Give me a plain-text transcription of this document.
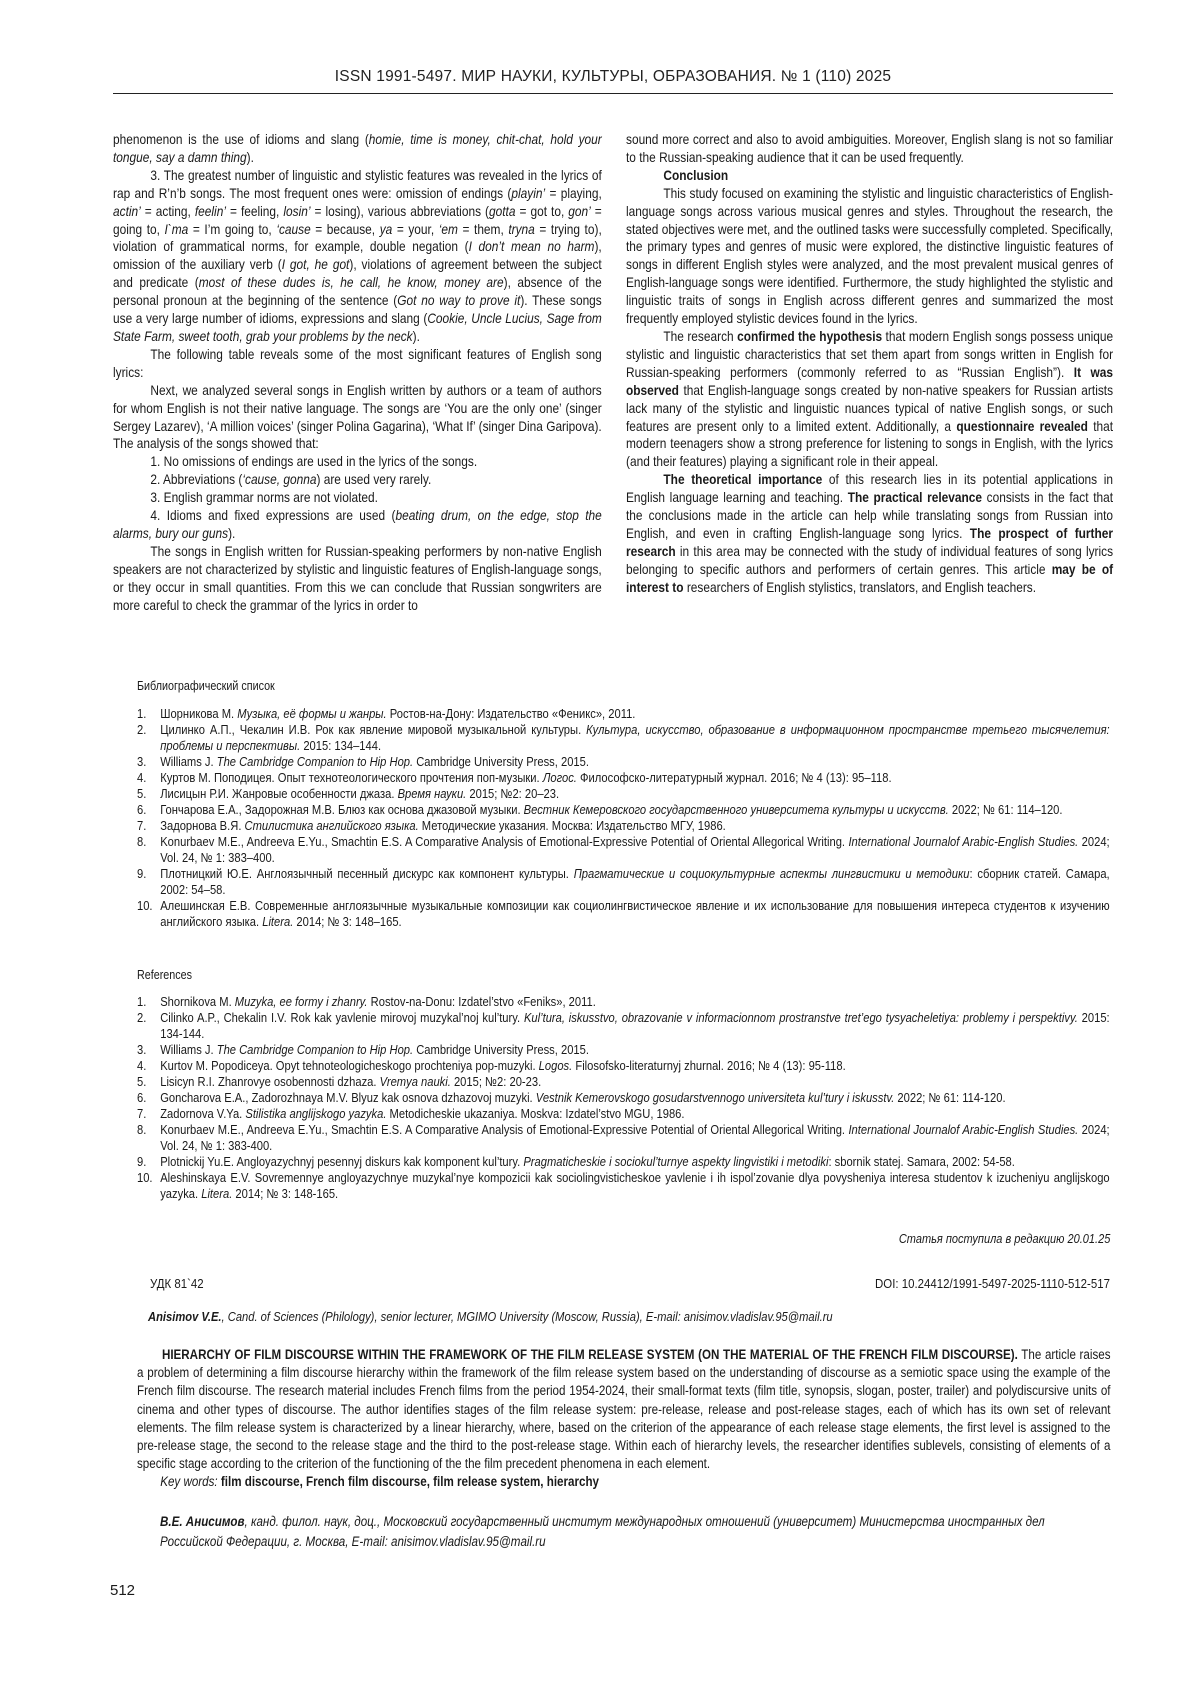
ISSN 1991-5497. МИР НАУКИ, КУЛЬТУРЫ, ОБРАЗОВАНИЯ. № 1 (110) 2025

phenomenon is the use of idioms and slang (homie, time is money, chit-chat, hold your tongue, say a damn thing).

3. The greatest number of linguistic and stylistic features was revealed in the lyrics of rap and R’n’b songs. The most frequent ones were: omission of endings (playin’ = playing, actin’ = acting, feelin’ = feeling, losin’ = losing), various abbreviations (gotta = got to, gon’ = going to, I`ma = I’m going to, ‘cause = because, ya = your, ‘em = them, tryna = trying to), violation of grammatical norms, for example, double negation (I don’t mean no harm), omission of the auxiliary verb (I got, he got), violations of agreement between the subject and predicate (most of these dudes is, he call, he know, money are), absence of the personal pronoun at the beginning of the sentence (Got no way to prove it). These songs use a very large number of idioms, expressions and slang (Cookie, Uncle Lucius, Sage from State Farm, sweet tooth, grab your problems by the neck).

The following table reveals some of the most significant features of English song lyrics:

Next, we analyzed several songs in English written by authors or a team of authors for whom English is not their native language. The songs are ‘You are the only one’ (singer Sergey Lazarev), ‘A million voices’ (singer Polina Gagarina), ‘What If’ (singer Dina Garipova). The analysis of the songs showed that:

1. No omissions of endings are used in the lyrics of the songs.

2. Abbreviations (‘cause, gonna) are used very rarely.

3. English grammar norms are not violated.

4. Idioms and fixed expressions are used (beating drum, on the edge, stop the alarms, bury our guns).

The songs in English written for Russian-speaking performers by non-native English speakers are not characterized by stylistic and linguistic features of English-language songs, or they occur in small quantities. From this we can conclude that Russian songwriters are more careful to check the grammar of the lyrics in order to

sound more correct and also to avoid ambiguities. Moreover, English slang is not so familiar to the Russian-speaking audience that it can be used frequently.

Conclusion

This study focused on examining the stylistic and linguistic characteristics of English-language songs across various musical genres and styles. Throughout the research, the stated objectives were met, and the outlined tasks were successfully completed. Specifically, the primary types and genres of music were explored, the distinctive linguistic features of songs in different English styles were analyzed, and the most prevalent musical genres of English-language songs were identified. Furthermore, the study highlighted the stylistic and linguistic traits of songs in English across different genres and summarized the most frequently employed stylistic devices found in the lyrics.

The research confirmed the hypothesis that modern English songs possess unique stylistic and linguistic characteristics that set them apart from songs written in English for Russian-speaking performers (commonly referred to as “Russian English”). It was observed that English-language songs created by non-native speakers for Russian artists lack many of the stylistic and linguistic nuances typical of native English songs, or such features are present only to a limited extent. Additionally, a questionnaire revealed that modern teenagers show a strong preference for listening to songs in English, with the lyrics (and their features) playing a significant role in their appeal.

The theoretical importance of this research lies in its potential applications in English language learning and teaching. The practical relevance consists in the fact that the conclusions made in the article can help while translating songs from Russian into English, and even in crafting English-language song lyrics. The prospect of further research in this area may be connected with the study of individual features of song lyrics belonging to specific authors and performers of certain genres. This article may be of interest to researchers of English stylistics, translators, and English teachers.

Библиографический список
1.	Шорникова М. Музыка, её формы и жанры. Ростов-на-Дону: Издательство «Феникс», 2011.
2.	Цилинко А.П., Чекалин И.В. Рок как явление мировой музыкальной культуры. Культура, искусство, образование в информационном пространстве третьего тысячелетия: проблемы и перспективы. 2015: 134–144.
3.	Williams J. The Cambridge Companion to Hip Hop. Cambridge University Press, 2015.
4.	Куртов М. Поподицея. Опыт технотеологического прочтения поп-музыки. Логос. Философско-литературный журнал. 2016; № 4 (13): 95–118.
5.	Лисицын Р.И. Жанровые особенности джаза. Время науки. 2015; №2: 20–23.
6.	Гончарова Е.А., Задорожная М.В. Блюз как основа джазовой музыки. Вестник Кемеровского государственного университета культуры и искусств. 2022; № 61: 114–120.
7.	Задорнова В.Я. Стилистика английского языка. Методические указания. Москва: Издательство МГУ, 1986.
8.	Konurbaev M.E., Andreeva E.Yu., Smachtin E.S. A Comparative Analysis of Emotional-Expressive Potential of Oriental Allegorical Writing. International Journalof Arabic-English Studies. 2024; Vol. 24, № 1: 383–400.
9.	Плотницкий Ю.Е. Англоязычный песенный дискурс как компонент культуры. Прагматические и социокультурные аспекты лингвистики и методики: сборник статей. Самара, 2002: 54–58.
10. Алешинская Е.В. Современные англоязычные музыкальные композиции как социолингвистическое явление и их использование для повышения интереса студентов к изучению английского языка. Litera. 2014; № 3: 148–165.
References
1.	Shornikova M. Muzyka, ee formy i zhanry. Rostov-na-Donu: Izdatel’stvo «Feniks», 2011.
2.	Cilinko A.P., Chekalin I.V. Rok kak yavlenie mirovoj muzykal’noj kul’tury. Kul’tura, iskusstvo, obrazovanie v informacionnom prostranstve tret’ego tysyacheletiya: problemy i perspektivy. 2015: 134-144.
3.	Williams J. The Cambridge Companion to Hip Hop. Cambridge University Press, 2015.
4.	Kurtov M. Popodiceya. Opyt tehnoteologicheskogo prochteniya pop-muzyki. Logos. Filosofsko-literaturnyj zhurnal. 2016; № 4 (13): 95-118.
5.	Lisicyn R.I. Zhanrovye osobennosti dzhaza. Vremya nauki. 2015; №2: 20-23.
6.	Goncharova E.A., Zadorozhnaya M.V. Blyuz kak osnova dzhazovoj muzyki. Vestnik Kemerovskogo gosudarstvennogo universiteta kul’tury i iskusstv. 2022; № 61: 114-120.
7.	Zadornova V.Ya. Stilistika anglijskogo yazyka. Metodicheskie ukazaniya. Moskva: Izdatel’stvo MGU, 1986.
8.	Konurbaev M.E., Andreeva E.Yu., Smachtin E.S. A Comparative Analysis of Emotional-Expressive Potential of Oriental Allegorical Writing. International Journalof Arabic-English Studies. 2024; Vol. 24, № 1: 383-400.
9.	Plotnickij Yu.E. Angloyazychnyj pesennyj diskurs kak komponent kul’tury. Pragmaticheskie i sociokul’turnye aspekty lingvistiki i metodiki: sbornik statej. Samara, 2002: 54-58.
10. Aleshinskaya E.V. Sovremennye angloyazychnye muzykal’nye kompozicii kak sociolingvisticheskoe yavlenie i ih ispol’zovanie dlya povysheniya interesa studentov k izucheniyu anglijskogo yazyka. Litera. 2014; № 3: 148-165.
Статья поступила в редакцию 20.01.25
УДК 81`42	DOI: 10.24412/1991-5497-2025-1110-512-517
Anisimov V.E., Cand. of Sciences (Philology), senior lecturer, MGIMO University (Moscow, Russia), E-mail: anisimov.vladislav.95@mail.ru

HIERARCHY OF FILM DISCOURSE WITHIN THE FRAMEWORK OF THE FILM RELEASE SYSTEM (ON THE MATERIAL OF THE FRENCH FILM DISCOURSE). The article raises a problem of determining a film discourse hierarchy within the framework of the film release system based on the understanding of discourse as a semiotic space using the example of the French film discourse. The research material includes French films from the period 1954-2024, their small-format texts (film title, synopsis, slogan, poster, trailer) and polydiscursive units of cinema and other types of discourse. The author identifies stages of the film release system: pre-release, release and post-release stages, each of which has its own set of relevant elements. The film release system is characterized by a linear hierarchy, where, based on the criterion of the appearance of each release stage elements, the first level is assigned to the pre-release stage, the second to the release stage and the third to the post-release stage. Within each of hierarchy levels, the researcher identifies sublevels, consisting of elements of a specific stage according to the criterion of the functioning of the the film precedent phenomena in each element.

Key words: film discourse, French film discourse, film release system, hierarchy

В.Е. Анисимов, канд. филол. наук, доц., Московский государственный институт международных отношений (университет) Министерства иностранных дел Российской Федерации, г. Москва, E-mail: anisimov.vladislav.95@mail.ru
512
